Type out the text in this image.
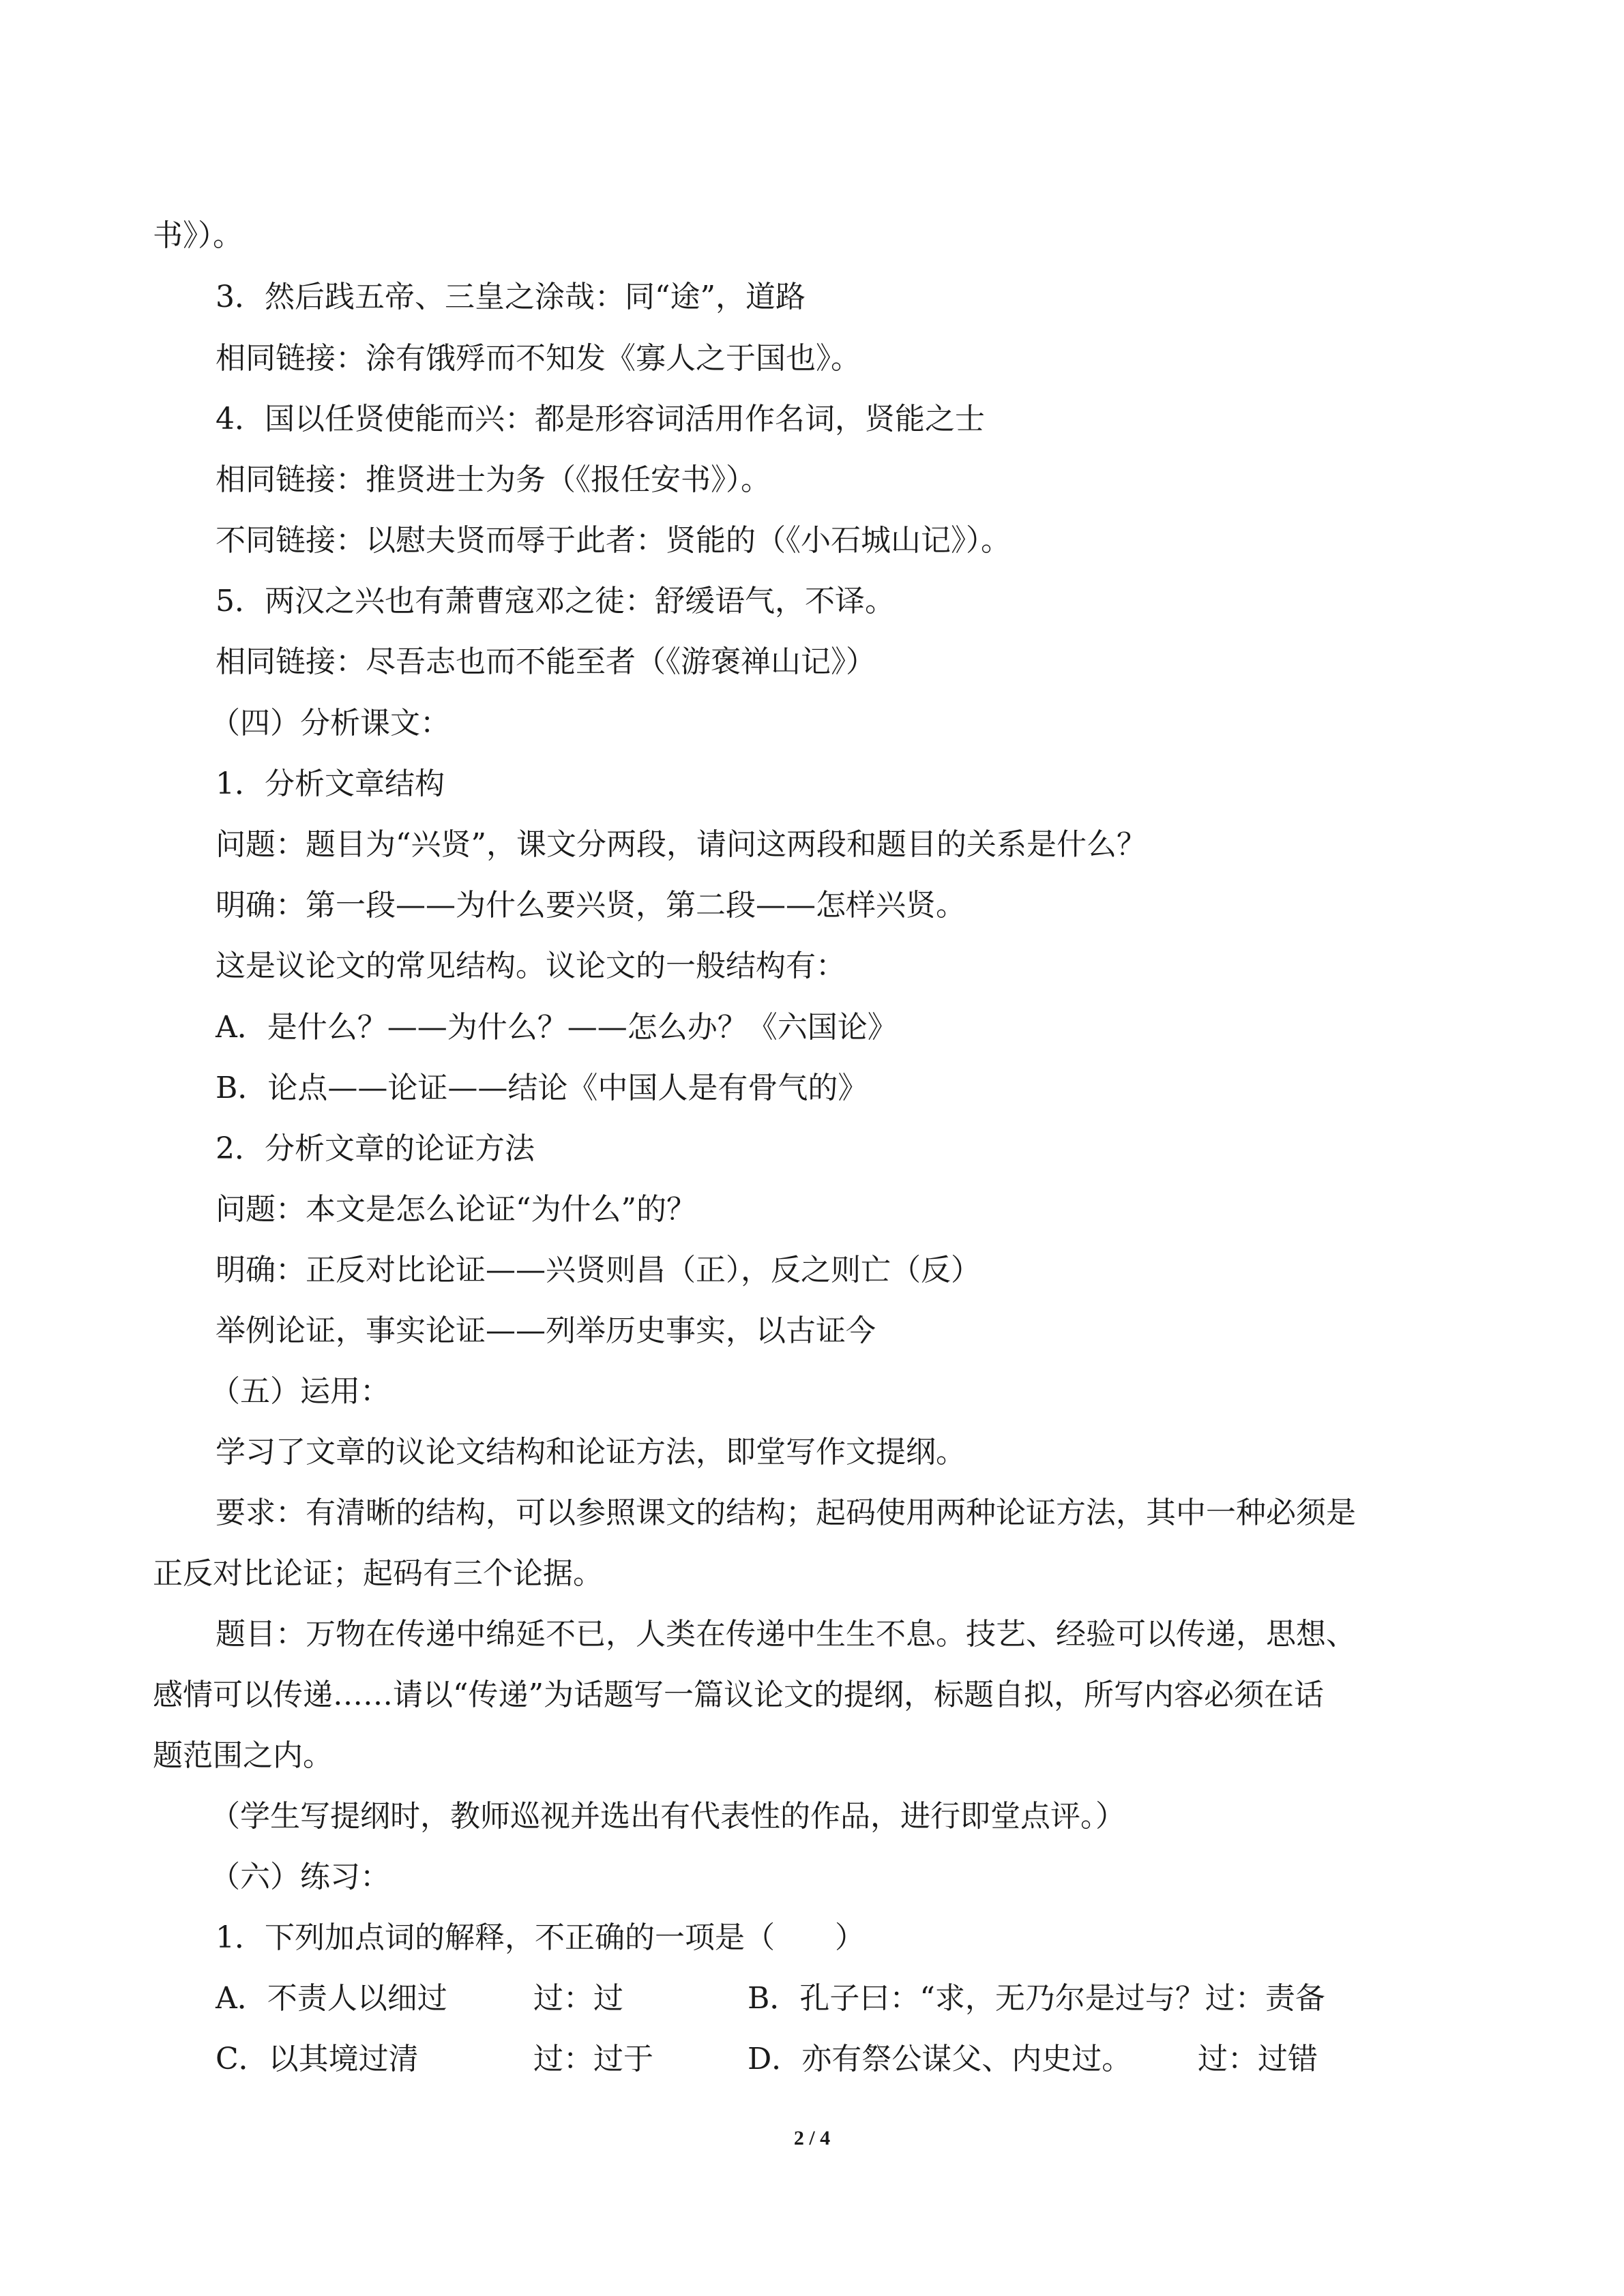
书》）。
3．然后践五帝、三皇之涂哉：同“途”，道路
相同链接：涂有饿殍而不知发《寡人之于国也》。
4．国以任贤使能而兴：都是形容词活用作名词，贤能之士
相同链接：推贤进士为务（《报任安书》）。
不同链接：以慰夫贤而辱于此者：贤能的（《小石城山记》）。
5．两汉之兴也有萧曹寇邓之徒：舒缓语气，不译。
相同链接：尽吾志也而不能至者（《游褒禅山记》）
（四）分析课文：
1．分析文章结构
问题：题目为“兴贤”，课文分两段，请问这两段和题目的关系是什么？
明确：第一段——为什么要兴贤，第二段——怎样兴贤。
这是议论文的常见结构。议论文的一般结构有：
A．是什么？——为什么？——怎么办？《六国论》
B．论点——论证——结论《中国人是有骨气的》
2．分析文章的论证方法
问题：本文是怎么论证“为什么”的？
明确：正反对比论证——兴贤则昌（正），反之则亡（反）
举例论证，事实论证——列举历史事实，以古证今
（五）运用：
学习了文章的议论文结构和论证方法，即堂写作文提纲。
要求：有清晰的结构，可以参照课文的结构；起码使用两种论证方法，其中一种必须是
正反对比论证；起码有三个论据。
题目：万物在传递中绵延不已，人类在传递中生生不息。技艺、经验可以传递，思想、
感情可以传递……请以“传递”为话题写一篇议论文的提纲，标题自拟，所写内容必须在话
题范围之内。
（学生写提纲时，教师巡视并选出有代表性的作品，进行即堂点评。）
（六）练习：
1．下列加点词的解释，不正确的一项是（　　）
A．不责人以细过	过：过	B．孔子曰：“求，无乃尔是过与？过：责备
C．以其境过清	过：过于	D．亦有祭公谋父、内史过。 过：过错
2 / 4
